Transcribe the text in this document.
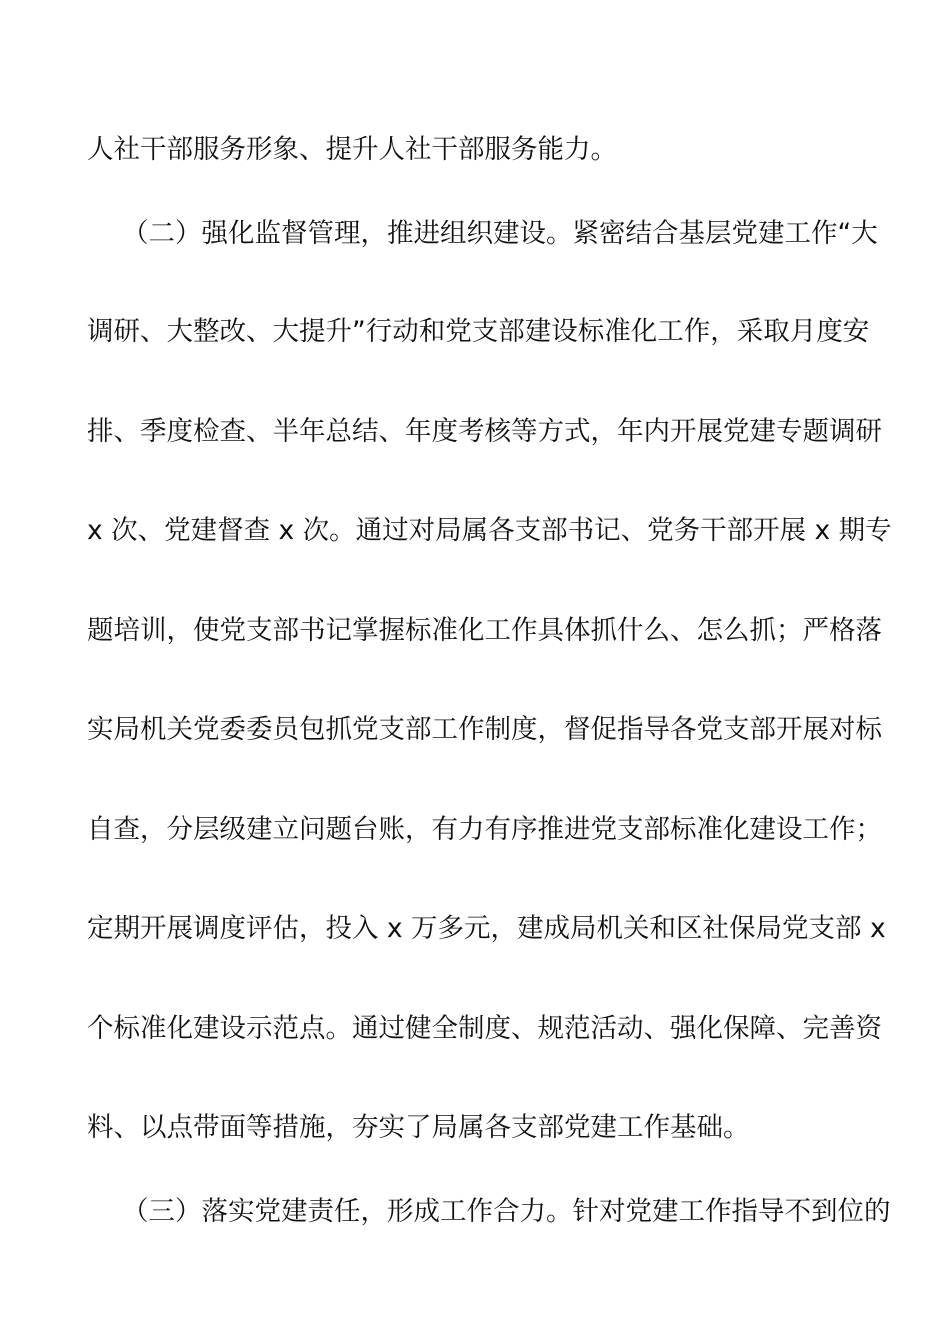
人社干部服务形象、提升人社干部服务能力。
（二）强化监督管理，推进组织建设。紧密结合基层党建工作“大
调研、大整改、大提升”行动和党支部建设标准化工作，采取月度安
排、季度检查、半年总结、年度考核等方式，年内开展党建专题调研
x 次、党建督查 x 次。通过对局属各支部书记、党务干部开展 x 期专
题培训，使党支部书记掌握标准化工作具体抓什么、怎么抓；严格落
实局机关党委委员包抓党支部工作制度，督促指导各党支部开展对标
自查，分层级建立问题台账，有力有序推进党支部标准化建设工作；
定期开展调度评估，投入 x 万多元，建成局机关和区社保局党支部 x
个标准化建设示范点。通过健全制度、规范活动、强化保障、完善资
料、以点带面等措施，夯实了局属各支部党建工作基础。
（三）落实党建责任，形成工作合力。针对党建工作指导不到位的
